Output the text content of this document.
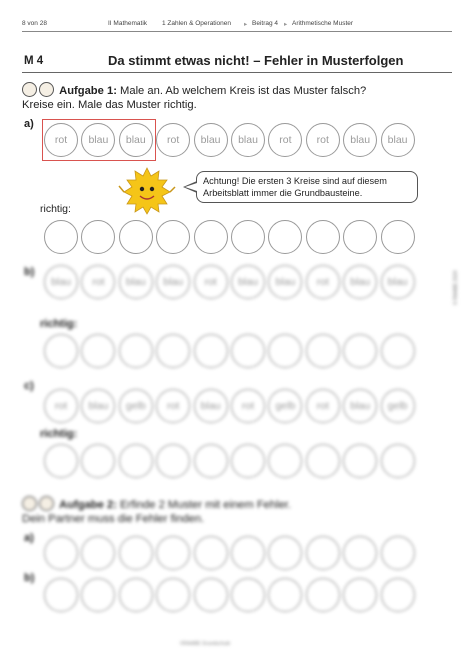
8 von 28	II Mathematik 1 Zahlen & Operationen ▸ Beitrag 4 ▸ Arithmetische Muster
M 4	Da stimmt etwas nicht! – Fehler in Musterfolgen
Aufgabe 1: Male an. Ab welchem Kreis ist das Muster falsch?
Kreise ein. Male das Muster richtig.
a)
rot	blau	blau	rot	blau	blau	rot	rot	blau	blau
Achtung! Die ersten 3 Kreise sind auf diesem
Arbeitsblatt immer die Grundbausteine.
richtig:
b)
blau	rot	blau	blau	rot	blau	blau	rot	blau	blau
richtig:
c)
rot	blau	gelb	rot	blau	rot	gelb	rot	blau	gelb
richtig:
Aufgabe 2: Erfinde 2 Muster mit einem Fehler.
Dein Partner muss die Fehler finden.
a)
b)
©RAABE Grundschule
© RAABE 2024
